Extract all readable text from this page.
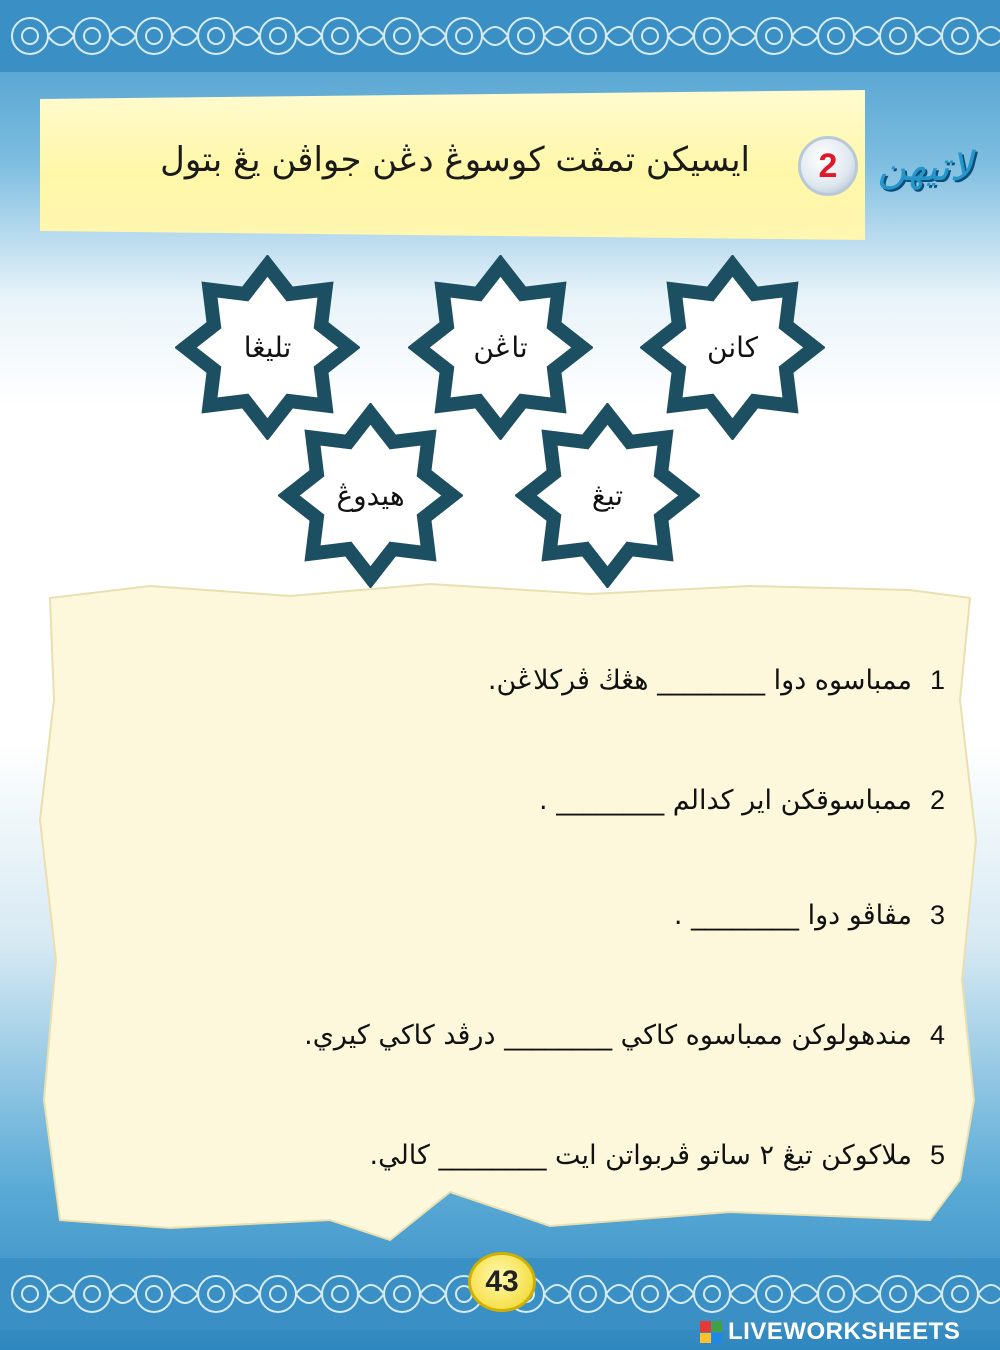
لاتيهن
2
ايسيكن تمڤت كوسوڠ دڠن جواڤن يڠ بتول
كانن
تاڠن
تليڠا
تيڠ
هيدوڠ
1ممباسوه دوا ________ هڠڬ ڤركلاڠن.
2ممباسوقكن اير كدالم ________ .
3مڤاڤو دوا ________ .
4مندهولوكن ممباسوه كاكي ________ درڤد كاكي كيري.
5ملاكوكن تيڠ ٢ ساتو ڤربواتن ايت ________ كالي.
43
LIVEWORKSHEETS
